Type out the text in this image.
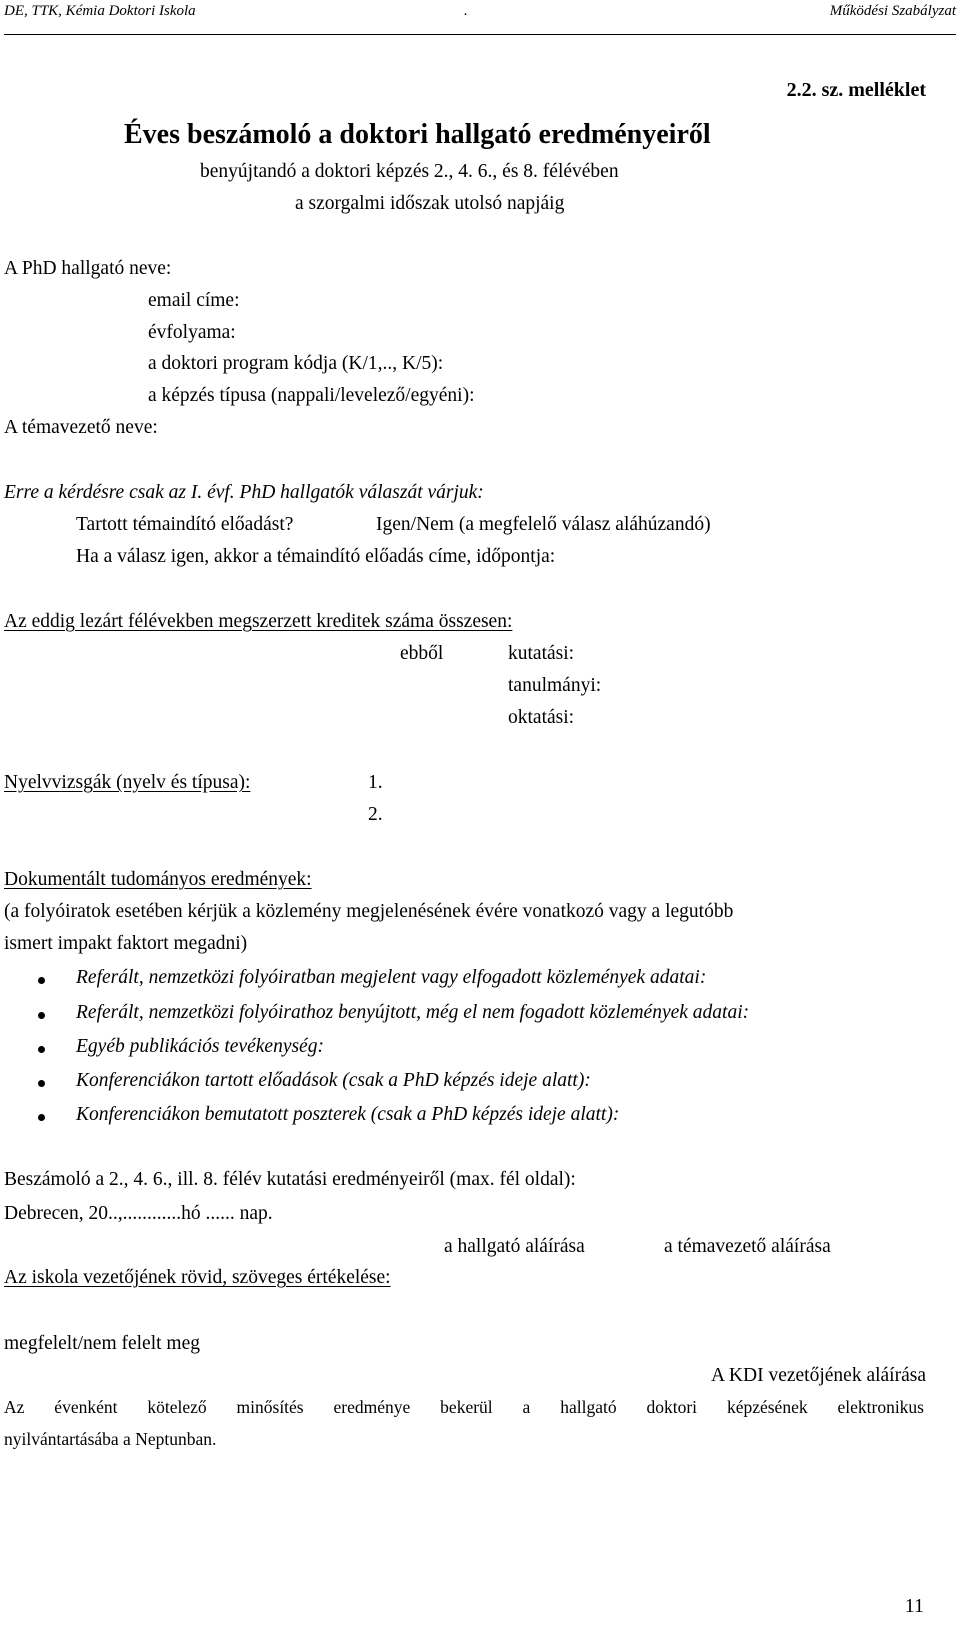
DE, TTK, Kémia Doktori Iskola	.	Működési Szabályzat
2.2. sz. melléklet
Éves beszámoló a doktori hallgató eredményeiről
benyújtandó a doktori képzés 2., 4. 6., és 8. félévében
a szorgalmi időszak utolsó napjáig
A PhD hallgató neve:
email címe:
évfolyama:
a doktori program kódja (K/1,.., K/5):
a képzés típusa (nappali/levelező/egyéni):
A témavezető neve:
Erre a kérdésre csak az I. évf. PhD hallgatók válaszát várjuk:
Tartott témaindító előadást?	Igen/Nem (a megfelelő válasz aláhúzandó)
Ha a válasz igen, akkor a témaindító előadás címe, időpontja:
Az eddig lezárt félévekben megszerzett kreditek száma összesen:
ebből	kutatási:
tanulmányi:
oktatási:
Nyelvvizsgák (nyelv és típusa):	1.
2.
Dokumentált tudományos eredmények:
(a folyóiratok esetében kérjük a közlemény megjelenésének évére vonatkozó vagy a legutóbb
ismert impakt faktort megadni)
Referált, nemzetközi folyóiratban megjelent vagy elfogadott közlemények adatai:
Referált, nemzetközi folyóirathoz benyújtott, még el nem fogadott közlemények adatai:
Egyéb publikációs tevékenység:
Konferenciákon tartott előadások (csak a PhD képzés ideje alatt):
Konferenciákon bemutatott poszterek (csak a PhD képzés ideje alatt):
Beszámoló a 2., 4. 6., ill. 8. félév kutatási eredményeiről (max. fél oldal):
Debrecen, 20..,............hó ...... nap.
a hallgató aláírása	a témavezető aláírása
Az iskola vezetőjének rövid, szöveges értékelése:
megfelelt/nem felelt meg
A KDI vezetőjének aláírása
Az évenként kötelező minősítés eredménye bekerül a hallgató doktori képzésének elektronikus
nyilvántartásába a Neptunban.
11
